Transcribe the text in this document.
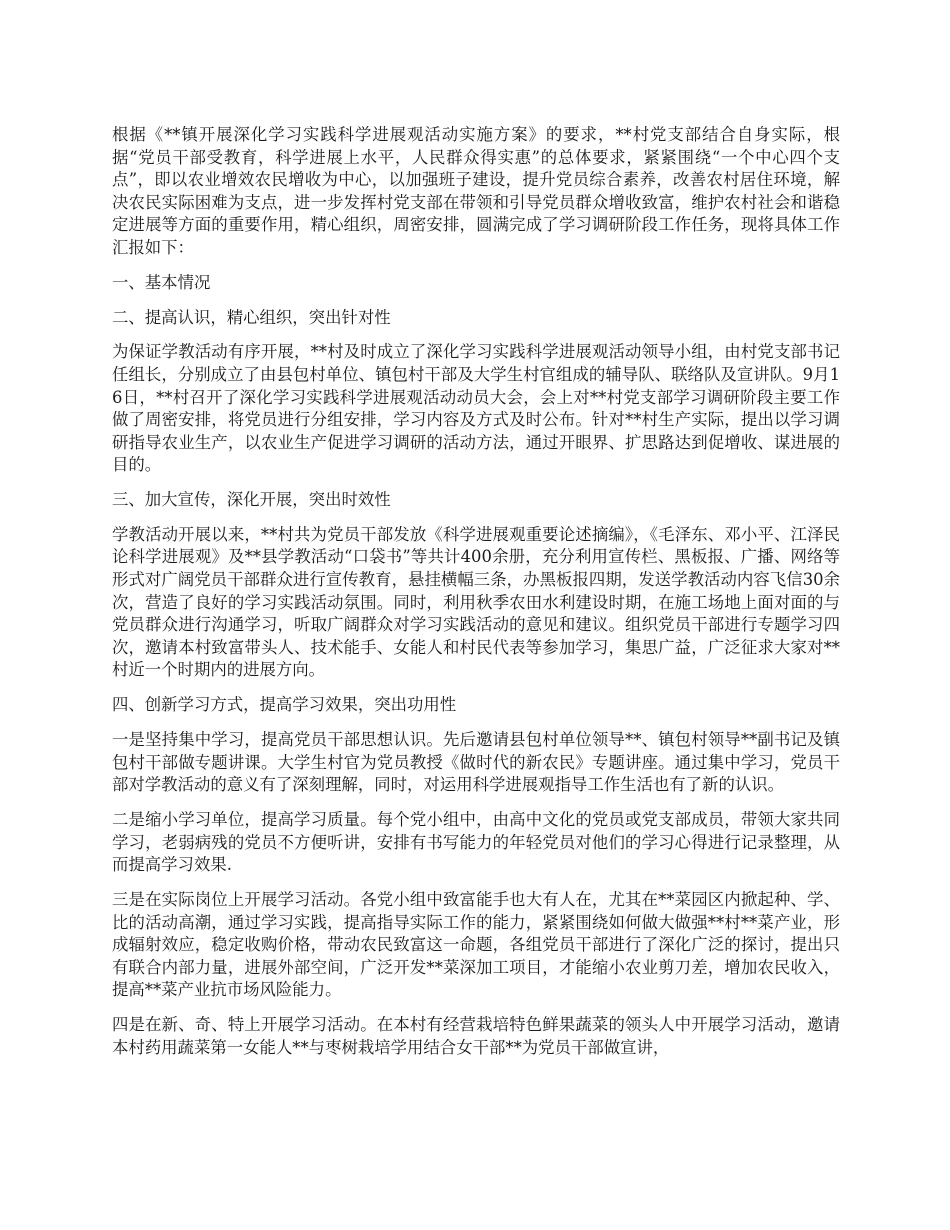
根据《**镇开展深化学习实践科学进展观活动实施方案》的要求，**村党支部结合自身实际，根据“党员干部受教育，科学进展上水平，人民群众得实惠”的总体要求，紧紧围绕“一个中心四个支点”，即以农业增效农民增收为中心，以加强班子建设，提升党员综合素养，改善农村居住环境，解决农民实际困难为支点，进一步发挥村党支部在带领和引导党员群众增收致富，维护农村社会和谐稳定进展等方面的重要作用，精心组织，周密安排，圆满完成了学习调研阶段工作任务，现将具体工作汇报如下：

一、基本情况

二、提高认识，精心组织，突出针对性

为保证学教活动有序开展，**村及时成立了深化学习实践科学进展观活动领导小组，由村党支部书记任组长，分别成立了由县包村单位、镇包村干部及大学生村官组成的辅导队、联络队及宣讲队。9月16日，**村召开了深化学习实践科学进展观活动动员大会，会上对**村党支部学习调研阶段主要工作做了周密安排，将党员进行分组安排，学习内容及方式及时公布。针对**村生产实际，提出以学习调研指导农业生产，以农业生产促进学习调研的活动方法，通过开眼界、扩思路达到促增收、谋进展的目的。

三、加大宣传，深化开展，突出时效性

学教活动开展以来，**村共为党员干部发放《科学进展观重要论述摘编》，《毛泽东、邓小平、江泽民论科学进展观》及**县学教活动“口袋书”等共计400余册，充分利用宣传栏、黑板报、广播、网络等形式对广阔党员干部群众进行宣传教育，悬挂横幅三条，办黑板报四期，发送学教活动内容飞信30余次，营造了良好的学习实践活动氛围。同时，利用秋季农田水利建设时期，在施工场地上面对面的与党员群众进行沟通学习，听取广阔群众对学习实践活动的意见和建议。组织党员干部进行专题学习四次，邀请本村致富带头人、技术能手、女能人和村民代表等参加学习，集思广益，广泛征求大家对**村近一个时期内的进展方向。

四、创新学习方式，提高学习效果，突出功用性

一是坚持集中学习，提高党员干部思想认识。先后邀请县包村单位领导**、镇包村领导**副书记及镇包村干部做专题讲课。大学生村官为党员教授《做时代的新农民》专题讲座。通过集中学习，党员干部对学教活动的意义有了深刻理解，同时，对运用科学进展观指导工作生活也有了新的认识。

二是缩小学习单位，提高学习质量。每个党小组中，由高中文化的党员或党支部成员，带领大家共同学习，老弱病残的党员不方便听讲，安排有书写能力的年轻党员对他们的学习心得进行记录整理，从而提高学习效果.

三是在实际岗位上开展学习活动。各党小组中致富能手也大有人在，尤其在**菜园区内掀起种、学、比的活动高潮，通过学习实践，提高指导实际工作的能力，紧紧围绕如何做大做强**村**菜产业，形成辐射效应，稳定收购价格，带动农民致富这一命题，各组党员干部进行了深化广泛的探讨，提出只有联合内部力量，进展外部空间，广泛开发**菜深加工项目，才能缩小农业剪刀差，增加农民收入，提高**菜产业抗市场风险能力。

四是在新、奇、特上开展学习活动。在本村有经营栽培特色鲜果蔬菜的领头人中开展学习活动，邀请本村药用蔬菜第一女能人**与枣树栽培学用结合女干部**为党员干部做宣讲，
